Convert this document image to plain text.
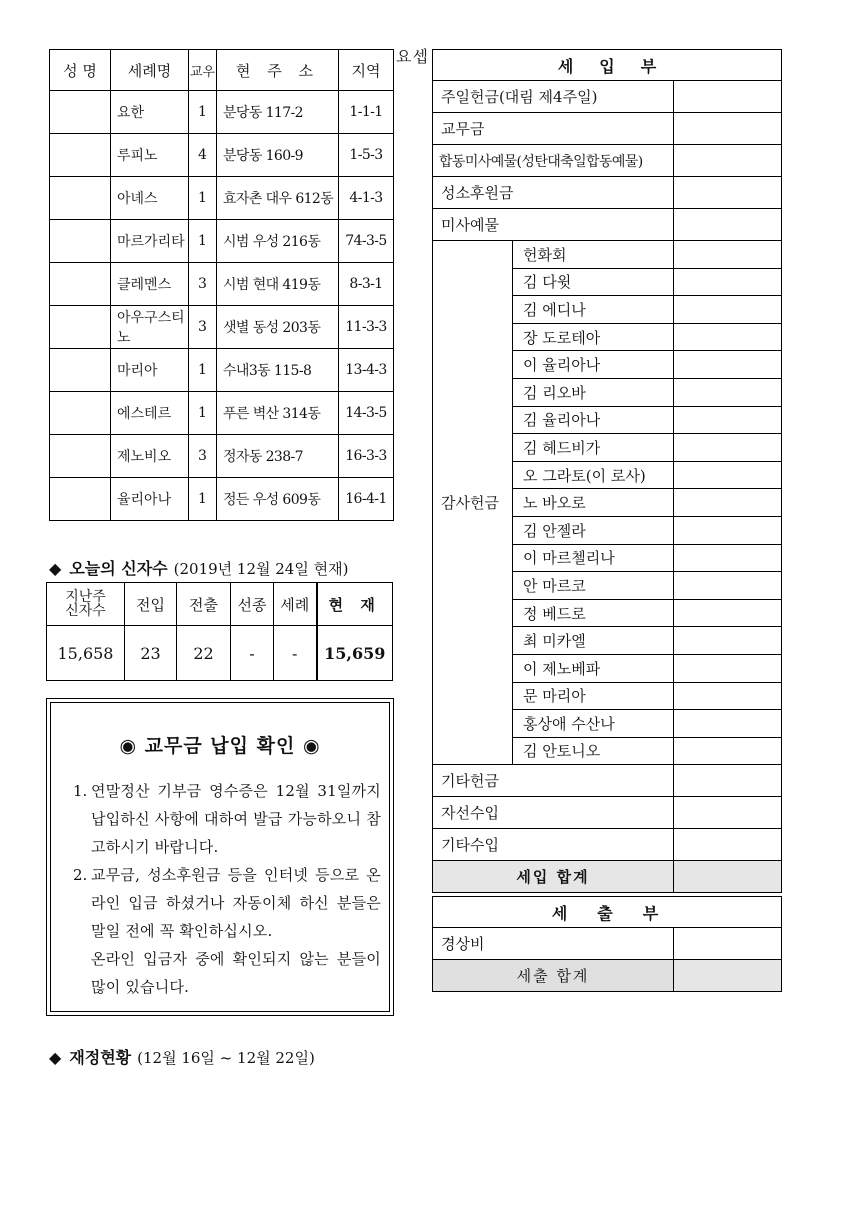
요셉
성 명	세례명	교우	현 주 소	지역
	요한	1	분당동 117-2	1-1-1
	루피노	4	분당동 160-9	1-5-3
	아녜스	1	효자촌 대우 612동	4-1-3
	마르가리타	1	시범 우성 216동	74-3-5
	클레멘스	3	시범 현대 419동	8-3-1
	아우구스티노	3	샛별 동성 203동	11-3-3
	마리아	1	수내3동 115-8	13-4-3
	에스테르	1	푸른 벽산 314동	14-3-5
	제노비오	3	정자동 238-7	16-3-3
	율리아나	1	정든 우성 609동	16-4-1
◆ 오늘의 신자수 (2019년 12월 24일 현재)
지난주
신자수	전입	전출	선종	세례	현 재
15,658	23	22	-	-	15,659
◉ 교무금 납입 확인 ◉
1. 연말정산 기부금 영수증은 12월 31일까지 납입하신 사항에 대하여 발급 가능하오니 참고하시기 바랍니다.
2. 교무금, 성소후원금 등을 인터넷 등으로 온라인 입금 하셨거나 자동이체 하신 분들은 말일 전에 꼭 확인하십시오.
온라인 입금자 중에 확인되지 않는 분들이 많이 있습니다.
◆ 재정현황 (12월 16일 ~ 12월 22일)
세입부		
주일헌금(대림 제4주일)		
교무금		
합동미사예물(성탄대축일합동예물)		
성소후원금		
미사예물		
감사헌금	헌화회	
	김 다윗	
	김 에디나	
	장 도로테아	
	이 율리아나	
	김 리오바	
	김 율리아나	
	김 헤드비가	
	오 그라토(이 로사)	
	노 바오로	
	김 안젤라	
	이 마르첼리나	
	안 마르코	
	정 베드로	
	최 미카엘	
	이 제노베파	
	문 마리아	
	홍상애 수산나	
	김 안토니오	
기타헌금		
자선수입		
기타수입		
세입 합계		

세출부		
경상비		
세출 합계		
